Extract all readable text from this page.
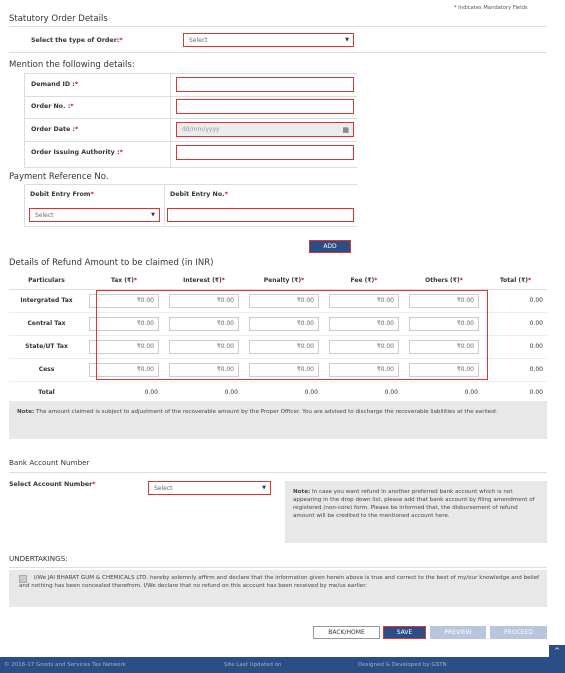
* Indicates Mandatory Fields
Statutory Order Details
Select the type of Order:*	Select	▼
Mention the following details:
Demand ID :*
Order No. :*
Order Date :*	dd/mm/yyyy	▦
Order Issuing Authority :*
Payment Reference No.
Debit Entry From*	Debit Entry No.*
Select	▼
ADD
Details of Refund Amount to be claimed (in INR)
Particulars	Tax (₹)*	Interest (₹)*	Penalty (₹)*	Fee (₹)*	Others (₹)*	Total (₹)*
Intergrated Tax	₹0.00	₹0.00	₹0.00	₹0.00	₹0.00	0.00
Central Tax	₹0.00	₹0.00	₹0.00	₹0.00	₹0.00	0.00
State/UT Tax	₹0.00	₹0.00	₹0.00	₹0.00	₹0.00	0.00
Cess	₹0.00	₹0.00	₹0.00	₹0.00	₹0.00	0.00
Total	0.00	0.00	0.00	0.00	0.00	0.00
Note: The amount claimed is subject to adjustment of the recoverable amount by the Proper Officer. You are advised to discharge the recoverable liabilities at the earliest.
Bank Account Number
Select Account Number*	Select	▼
Note: In case you want refund in another preferred bank account which is not appearing in the drop down list, please add that bank account by filing amendment of registered (non-core) form. Please be informed that, the disbursement of refund amount will be credited to the mentioned account here.
UNDERTAKINGS:
I/We JAI BHARAT GUM & CHEMICALS LTD. hereby solemnly affirm and declare that the information given herein above is true and correct to the best of my/our knowledge and belief and nothing has been concealed therefrom. I/We declare that no refund on this account has been received by me/us earlier.
BACK/HOME	SAVE	PREVIEW	PROCEED
© 2016-17 Goods and Services Tax Network	Site Last Updated on	Designed & Developed by GSTN
^
